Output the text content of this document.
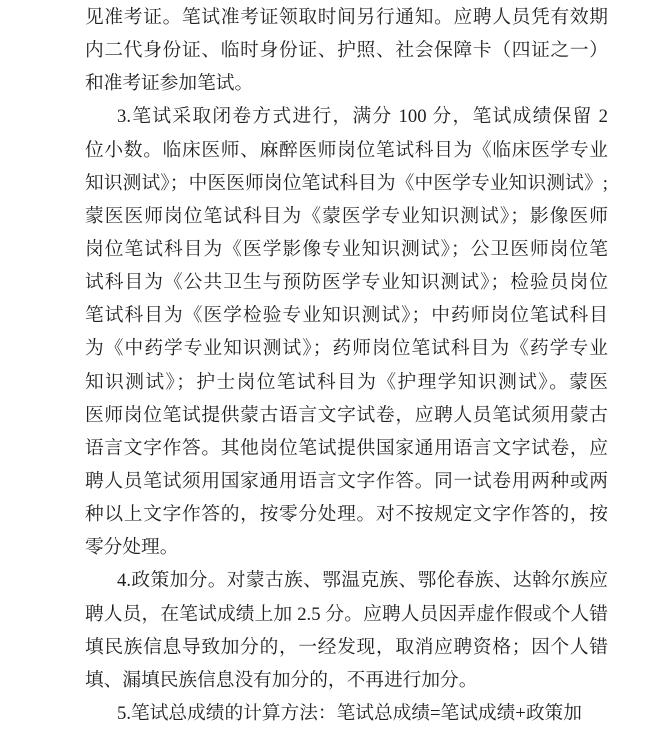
见准考证。笔试准考证领取时间另行通知。应聘人员凭有效期
内二代身份证、临时身份证、护照、社会保障卡（四证之一）
和准考证参加笔试。
3.笔试采取闭卷方式进行，满分 100 分，笔试成绩保留 2
位小数。临床医师、麻醉医师岗位笔试科目为《临床医学专业
知识测试》；中医医师岗位笔试科目为《中医学专业知识测试》;
蒙医医师岗位笔试科目为《蒙医学专业知识测试》；影像医师
岗位笔试科目为《医学影像专业知识测试》；公卫医师岗位笔
试科目为《公共卫生与预防医学专业知识测试》；检验员岗位
笔试科目为《医学检验专业知识测试》；中药师岗位笔试科目
为《中药学专业知识测试》；药师岗位笔试科目为《药学专业
知识测试》；护士岗位笔试科目为《护理学知识测试》。蒙医
医师岗位笔试提供蒙古语言文字试卷，应聘人员笔试须用蒙古
语言文字作答。其他岗位笔试提供国家通用语言文字试卷，应
聘人员笔试须用国家通用语言文字作答。同一试卷用两种或两
种以上文字作答的，按零分处理。对不按规定文字作答的，按
零分处理。
4.政策加分。对蒙古族、鄂温克族、鄂伦春族、达斡尔族应
聘人员，在笔试成绩上加 2.5 分。应聘人员因弄虚作假或个人错
填民族信息导致加分的，一经发现，取消应聘资格；因个人错
填、漏填民族信息没有加分的，不再进行加分。
5.笔试总成绩的计算方法：笔试总成绩=笔试成绩+政策加
